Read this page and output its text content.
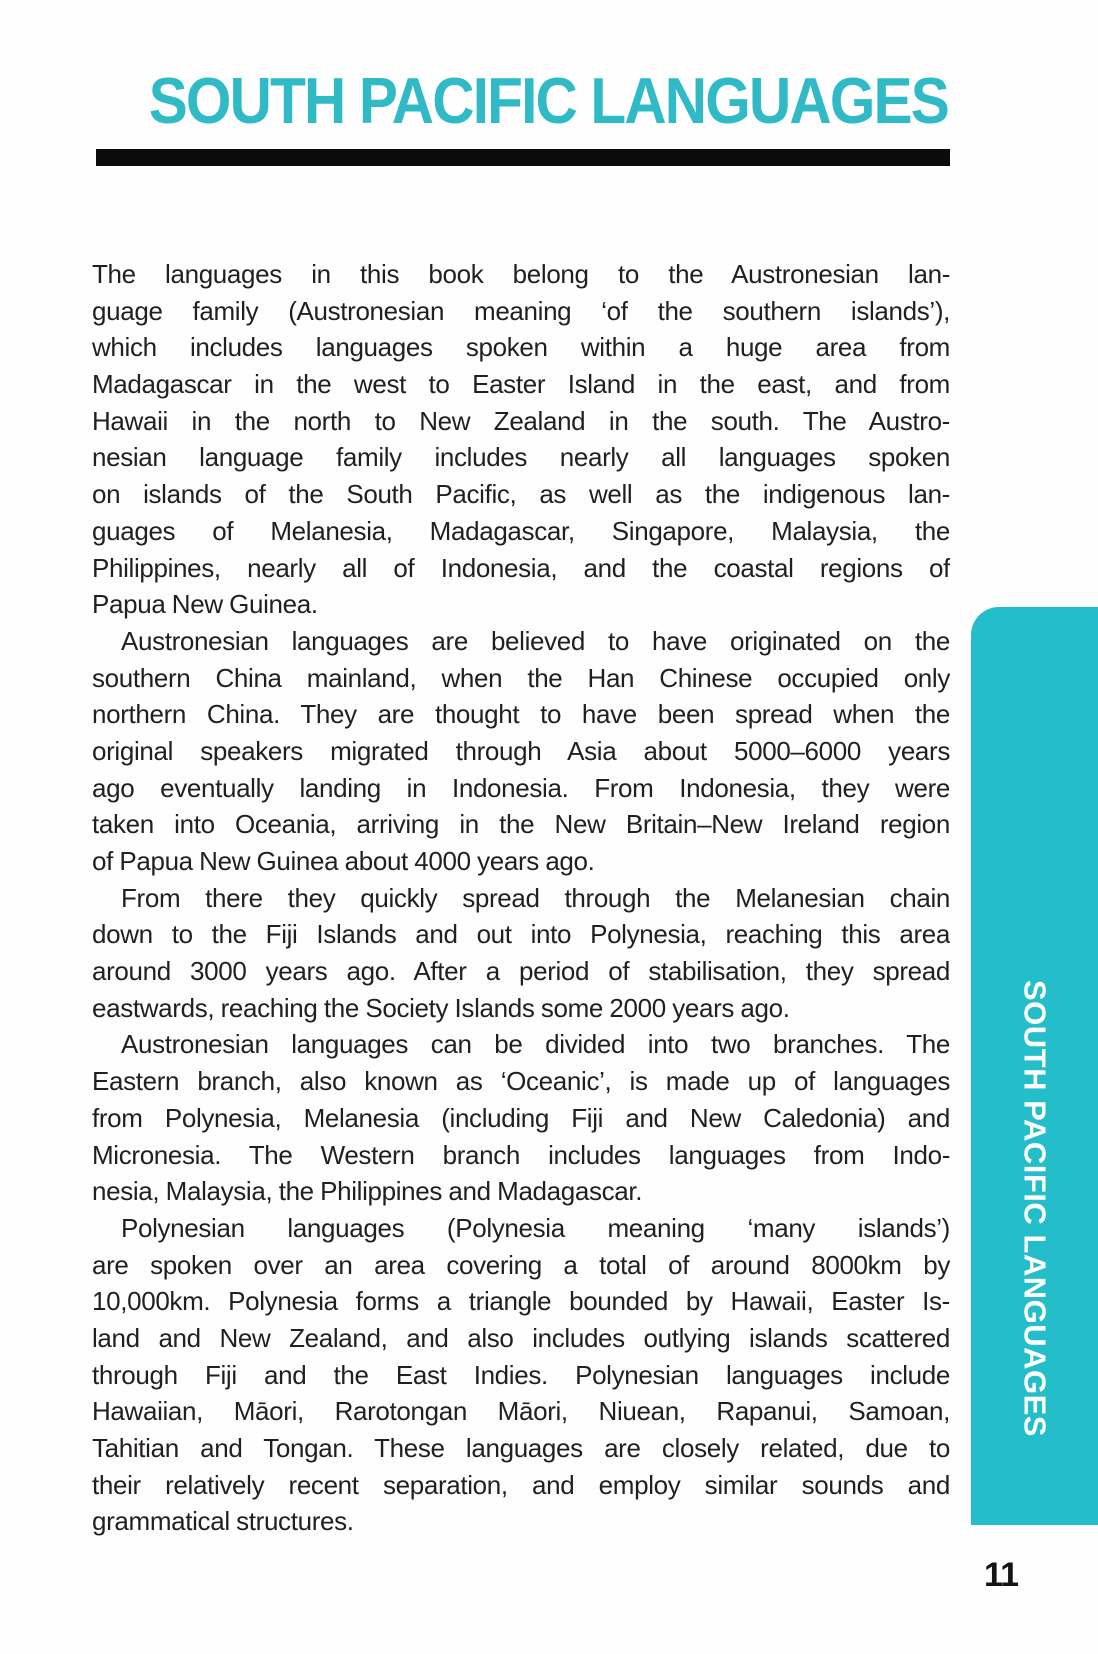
SOUTH PACIFIC LANGUAGES
The languages in this book belong to the Austronesian lan-
guage family (Austronesian meaning ‘of the southern islands’),
which includes languages spoken within a huge area from
Madagascar in the west to Easter Island in the east, and from
Hawaii in the north to New Zealand in the south. The Austro-
nesian language family includes nearly all languages spoken
on islands of the South Pacific, as well as the indigenous lan-
guages of Melanesia, Madagascar, Singapore, Malaysia, the
Philippines, nearly all of Indonesia, and the coastal regions of
Papua New Guinea.
Austronesian languages are believed to have originated on the
southern China mainland, when the Han Chinese occupied only
northern China. They are thought to have been spread when the
original speakers migrated through Asia about 5000–6000 years
ago eventually landing in Indonesia. From Indonesia, they were
taken into Oceania, arriving in the New Britain–New Ireland region
of Papua New Guinea about 4000 years ago.
From there they quickly spread through the Melanesian chain
down to the Fiji Islands and out into Polynesia, reaching this area
around 3000 years ago. After a period of stabilisation, they spread
eastwards, reaching the Society Islands some 2000 years ago.
Austronesian languages can be divided into two branches. The
Eastern branch, also known as ‘Oceanic’, is made up of languages
from Polynesia, Melanesia (including Fiji and New Caledonia) and
Micronesia. The Western branch includes languages from Indo-
nesia, Malaysia, the Philippines and Madagascar.
Polynesian languages (Polynesia meaning ‘many islands’)
are spoken over an area covering a total of around 8000km by
10,000km. Polynesia forms a triangle bounded by Hawaii, Easter Is-
land and New Zealand, and also includes outlying islands scattered
through Fiji and the East Indies. Polynesian languages include
Hawaiian, Māori, Rarotongan Māori, Niuean, Rapanui, Samoan,
Tahitian and Tongan. These languages are closely related, due to
their relatively recent separation, and employ similar sounds and
grammatical structures.
SOUTH PACIFIC LANGUAGES
11
